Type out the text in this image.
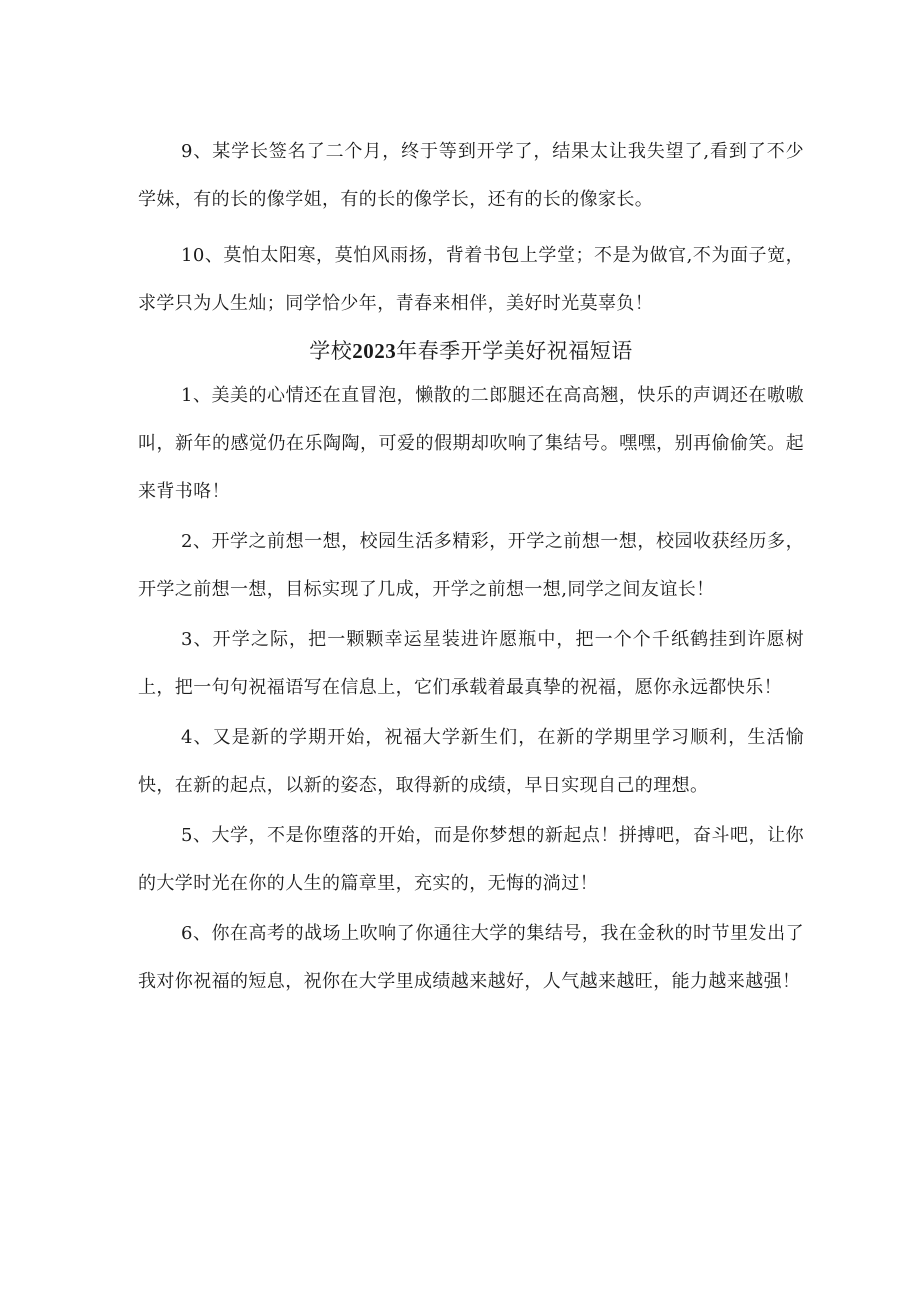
9、某学长签名了二个月，终于等到开学了，结果太让我失望了,看到了不少学妹，有的长的像学姐，有的长的像学长，还有的长的像家长。

10、莫怕太阳寒，莫怕风雨扬，背着书包上学堂；不是为做官,不为面子宽，求学只为人生灿；同学恰少年，青春来相伴，美好时光莫辜负！

学校2023年春季开学美好祝福短语

1、美美的心情还在直冒泡，懒散的二郎腿还在高高翘，快乐的声调还在嗷嗷叫，新年的感觉仍在乐陶陶，可爱的假期却吹响了集结号。嘿嘿，别再偷偷笑。起来背书咯！

2、开学之前想一想，校园生活多精彩，开学之前想一想，校园收获经历多，开学之前想一想，目标实现了几成，开学之前想一想,同学之间友谊长！

3、开学之际，把一颗颗幸运星装进许愿瓶中，把一个个千纸鹤挂到许愿树上，把一句句祝福语写在信息上，它们承载着最真挚的祝福，愿你永远都快乐！

4、又是新的学期开始，祝福大学新生们，在新的学期里学习顺利，生活愉快，在新的起点，以新的姿态，取得新的成绩，早日实现自己的理想。

5、大学，不是你堕落的开始，而是你梦想的新起点！拼搏吧，奋斗吧，让你的大学时光在你的人生的篇章里，充实的，无悔的淌过！

6、你在高考的战场上吹响了你通往大学的集结号，我在金秋的时节里发出了我对你祝福的短息，祝你在大学里成绩越来越好，人气越来越旺，能力越来越强！
